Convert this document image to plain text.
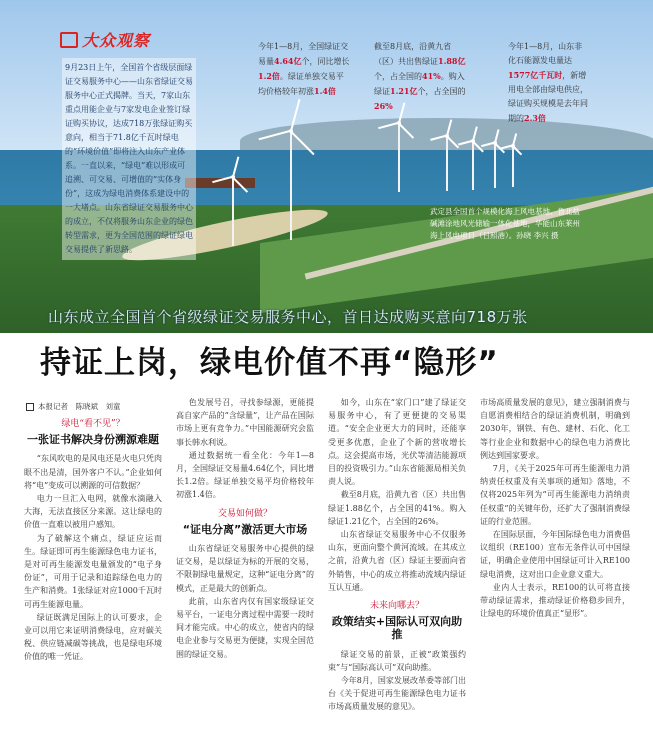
大众观察
9月23日上午，全国首个省级层面绿证交易服务中心——山东省绿证交易服务中心正式揭牌。当天，7家山东重点用能企业与7家发电企业签订绿证购买协议，达成718万张绿证购买意向，相当于71.8亿千瓦时绿电的“环境价值”即将注入山东产业体系。一直以来，“绿电”难以形成可追溯、可交易、可增值的“实体身份”，这成为绿电消费体系建设中的一大堵点。山东省绿证交易服务中心的成立，不仅将服务山东企业的绿色转型需求，更为全国范围的绿证绿电交易提供了新思路。
今年1—8月，全国绿证交易量4.64亿个，同比增长1.2倍。绿证单独交易平均价格较年初涨1.4倍
截至8月底，沿黄九省（区）共出售绿证1.88亿个，占全国的41%。购入绿证1.21亿个，占全国的26%
今年1—8月，山东非化石能源发电量达1577亿千瓦时，新增用电全部由绿电供应，绿证购买规模是去年同期的2.3倍
武定县全国首个规模化海上风电基地、鲁北盐碱滩涂地风光储输一体化基地，华能山东莱州海上风电项目（日照港）。孙晓 李兴 摄
山东成立全国首个省级绿证交易服务中心，首日达成购买意向718万张
持证上岗，绿电价值不再“隐形”
本报记者　陈晓斌　刘童
绿电“看不见”？
一张证书解决身份溯源难题

“东风吹电的是风电还是火电只凭肉眼不出是清，国外客户不认。”企业如何将“电”变成可以溯源的可信数据？

电力一旦汇入电网，就像水滴融入大海，无法直接区分来源。这让绿电的价值一直难以被用户感知。

为了破解这个痛点，绿证应运而生。绿证即可再生能源绿色电力证书，是对可再生能源发电量颁发的“电子身份证”，可用于记录和追踪绿色电力的生产和消费。1张绿证对应1000千瓦时可再生能源电量。

绿证既满足国际上的认可要求，企业可以用它来证明消费绿电，应对碳关税、供应链减碳等挑战，也是绿电环境价值的唯一凭证。

色发展号召，寻找参绿源，更能提高自家产品的“含绿量”，让产品在国际市场上更有竞争力。”中国能源研究会监事长韩水利说。

通过数据统一看全化：今年1—8月，全国绿证交易量4.64亿个，同比增长1.2倍。绿证单独交易平均价格较年初涨1.4倍。

交易如何做？
“证电分离”激活更大市场

山东省绿证交易服务中心提供的绿证交易，是以绿证为标的开展的交易，不限制绿电量规定，这种“证电分离”的模式，正是最大的创新点。

此前，山东省内仅有国家级绿证交易平台，一证电分离过程中需要一段时间才能完成。中心的成立，使省内的绿电企业参与交易更为便捷，实现全国范围的绿证交易。

如今，山东在“家门口”建了绿证交易服务中心，有了更便捷的交易渠道。“安全企业更大力的同时，还能享受更多优惠，企业了个新的营收增长点。这会提高市场，光伏等清洁能源项目的投资吸引力。”山东省能源局相关负责人说。

截至8月底，沿黄九省（区）共出售绿证1.88亿个，占全国的41%。购入绿证1.21亿个，占全国的26%。

山东省绿证交易服务中心不仅服务山东，更面向整个黄河流域。在其成立之前，沿黄九省（区）绿证主要面向省外销售，中心的成立将推动流域内绿证互认互通。

未来向哪去？
政策结实+国际认可双向助推

绿证交易的前景，正被“政策强约束”与“国际高认可”双向助推。

今年8月，国家发展改革委等部门出台《关于促进可再生能源绿色电力证书市场高质量发展的意见》。

市场高质量发展的意见》，建立强制消费与自愿消费相结合的绿证消费机制，明确到2030年，钢铁、有色、建材、石化、化工等行业企业和数据中心的绿色电力消费比例达到国家要求。

7月，《关于2025年可再生能源电力消纳责任权重及有关事项的通知》落地，不仅将2025年列为“可再生能源电力消纳责任权重”的关键年份，还扩大了强制消费绿证的行业范围。

在国际层面，今年国际绿色电力消费倡议组织（RE100）宣布无条件认可中国绿证，明确企业使用中国绿证可计入RE100绿电消费，这对出口企业意义重大。

业内人士表示，RE100的认可将直接带动绿证需求，推动绿证价格稳步回升，让绿电的环境价值真正“显形”。
